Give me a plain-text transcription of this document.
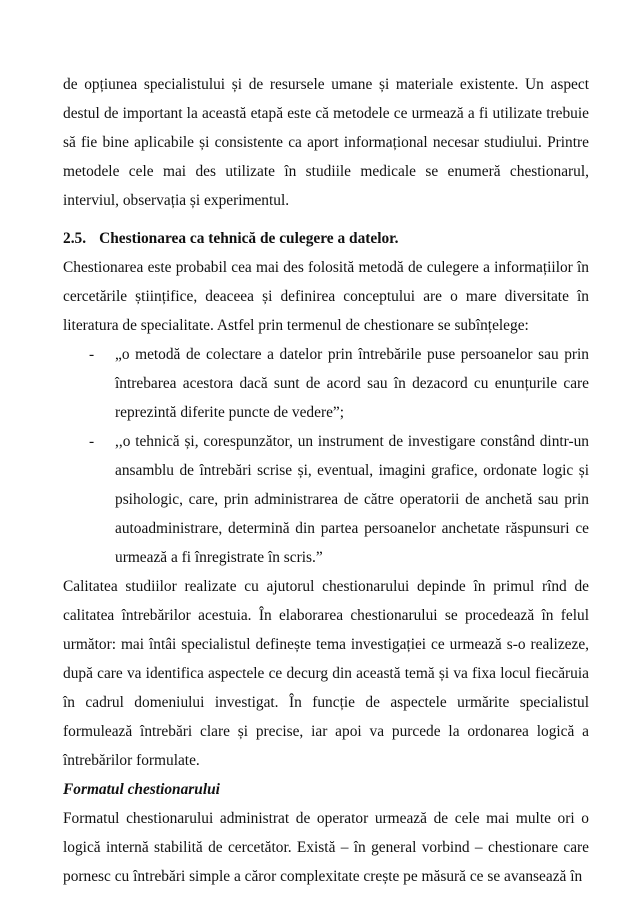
de opțiunea specialistului și de resursele umane și materiale existente. Un aspect destul de important la această etapă este că metodele ce urmează a fi utilizate trebuie să fie bine aplicabile și consistente ca aport informațional necesar studiului. Printre metodele cele mai des utilizate în studiile medicale se enumeră chestionarul, interviul, observația și experimentul.

2.5. Chestionarea ca tehnică de culegere a datelor.

Chestionarea este probabil cea mai des folosită metodă de culegere a informațiilor în cercetările științifice, deaceea și definirea conceptului are o mare diversitate în literatura de specialitate. Astfel prin termenul de chestionare se subînțelege:

- „o metodă de colectare a datelor prin întrebările puse persoanelor sau prin întrebarea acestora dacă sunt de acord sau în dezacord cu enunțurile care reprezintă diferite puncte de vedere”;
- ,,o tehnică și, corespunzător, un instrument de investigare constând dintr-un ansamblu de întrebări scrise și, eventual, imagini grafice, ordonate logic și psihologic, care, prin administrarea de către operatorii de anchetă sau prin autoadministrare, determină din partea persoanelor anchetate răspunsuri ce urmează a fi înregistrate în scris.”

Calitatea studiilor realizate cu ajutorul chestionarului depinde în primul rînd de calitatea întrebărilor acestuia. În elaborarea chestionarului se procedează în felul următor: mai întâi specialistul definește tema investigației ce urmează s-o realizeze, după care va identifica aspectele ce decurg din această temă și va fixa locul fiecăruia în cadrul domeniului investigat. În funcție de aspectele urmărite specialistul formulează întrebări clare și precise, iar apoi va purcede la ordonarea logică a întrebărilor formulate.

Formatul chestionarului

Formatul chestionarului administrat de operator urmează de cele mai multe ori o logică internă stabilită de cercetător. Există – în general vorbind – chestionare care pornesc cu întrebări simple a căror complexitate crește pe măsură ce se avansează în
